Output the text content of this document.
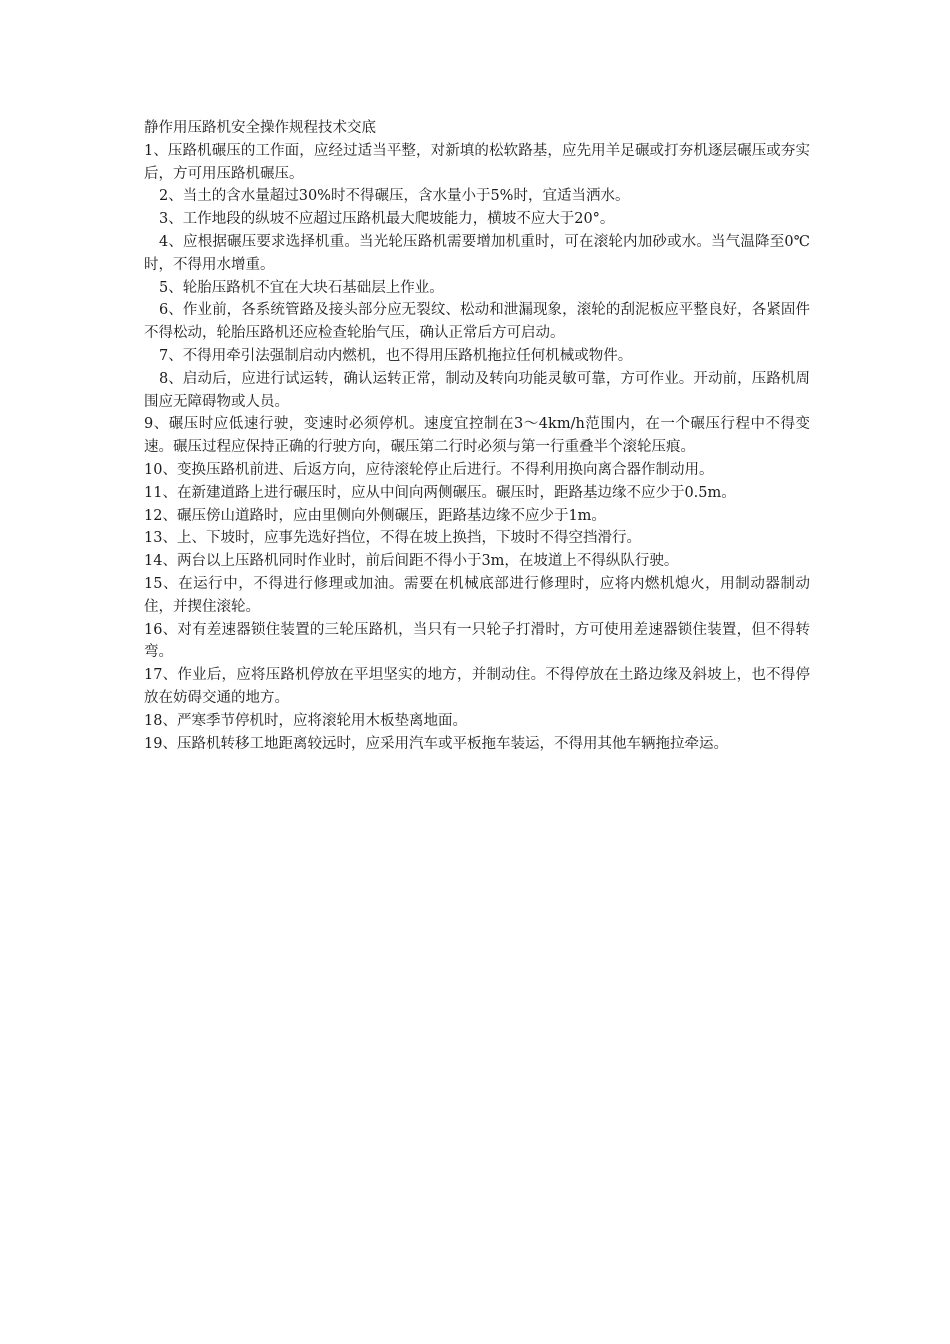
静作用压路机安全操作规程技术交底

1、压路机碾压的工作面，应经过适当平整，对新填的松软路基，应先用羊足碾或打夯机逐层碾压或夯实后，方可用压路机碾压。

2、当土的含水量超过30%时不得碾压，含水量小于5%时，宜适当洒水。

3、工作地段的纵坡不应超过压路机最大爬坡能力，横坡不应大于20°。

4、应根据碾压要求选择机重。当光轮压路机需要增加机重时，可在滚轮内加砂或水。当气温降至0℃时，不得用水增重。

5、轮胎压路机不宜在大块石基础层上作业。

6、作业前，各系统管路及接头部分应无裂纹、松动和泄漏现象，滚轮的刮泥板应平整良好，各紧固件不得松动，轮胎压路机还应检查轮胎气压，确认正常后方可启动。

7、不得用牵引法强制启动内燃机，也不得用压路机拖拉任何机械或物件。

8、启动后，应进行试运转，确认运转正常，制动及转向功能灵敏可靠，方可作业。开动前，压路机周围应无障碍物或人员。

9、碾压时应低速行驶，变速时必须停机。速度宜控制在3～4km/h范围内，在一个碾压行程中不得变速。碾压过程应保持正确的行驶方向，碾压第二行时必须与第一行重叠半个滚轮压痕。

10、变换压路机前进、后返方向，应待滚轮停止后进行。不得利用换向离合器作制动用。

11、在新建道路上进行碾压时，应从中间向两侧碾压。碾压时，距路基边缘不应少于0.5m。

12、碾压傍山道路时，应由里侧向外侧碾压，距路基边缘不应少于1m。

13、上、下坡时，应事先选好挡位，不得在坡上换挡，下坡时不得空挡滑行。

14、两台以上压路机同时作业时，前后间距不得小于3m，在坡道上不得纵队行驶。

15、在运行中，不得进行修理或加油。需要在机械底部进行修理时，应将内燃机熄火，用制动器制动住，并揳住滚轮。

16、对有差速器锁住装置的三轮压路机，当只有一只轮子打滑时，方可使用差速器锁住装置，但不得转弯。

17、作业后，应将压路机停放在平坦坚实的地方，并制动住。不得停放在土路边缘及斜坡上，也不得停放在妨碍交通的地方。

18、严寒季节停机时，应将滚轮用木板垫离地面。

19、压路机转移工地距离较远时，应采用汽车或平板拖车装运，不得用其他车辆拖拉牵运。
